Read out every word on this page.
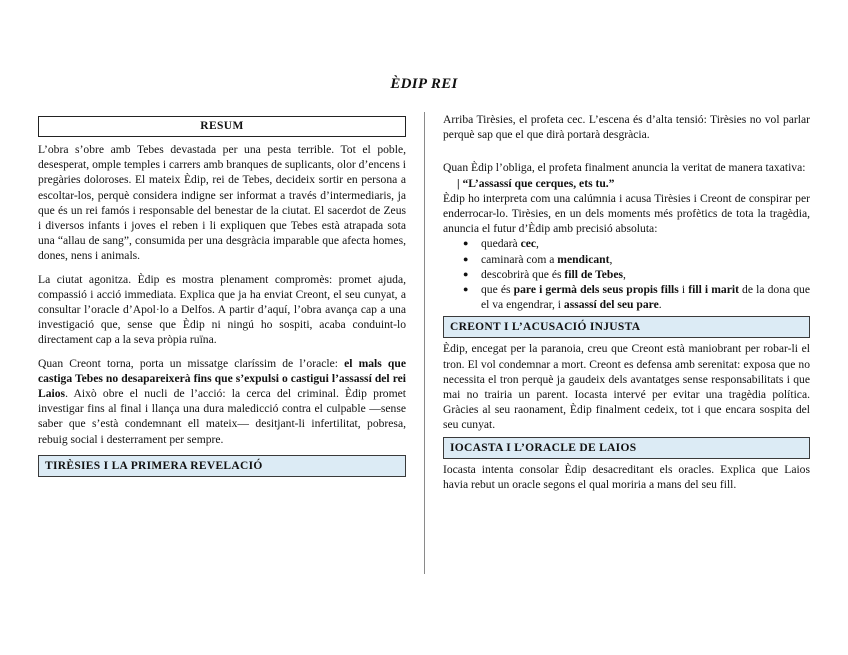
ÈDIP REI
RESUM

L’obra s’obre amb Tebes devastada per una pesta terrible. Tot el poble, desesperat, omple temples i carrers amb branques de suplicants, olor d’encens i pregàries doloroses. El mateix Èdip, rei de Tebes, decideix sortir en persona a escoltar-los, perquè considera indigne ser informat a través d’intermediaris, ja que és un rei famós i responsable del benestar de la ciutat. El sacerdot de Zeus i diversos infants i joves el reben i li expliquen que Tebes està atrapada sota una “allau de sang”, consumida per una desgràcia imparable que afecta homes, dones, nens i animals.

La ciutat agonitza. Èdip es mostra plenament compromès: promet ajuda, compassió i acció immediata. Explica que ja ha enviat Creont, el seu cunyat, a consultar l’oracle d’Apol·lo a Delfos. A partir d’aquí, l’obra avança cap a una investigació que, sense que Èdip ni ningú ho sospiti, acaba conduint-lo directament cap a la seva pròpia ruïna.

Quan Creont torna, porta un missatge claríssim de l’oracle: el mals que castiga Tebes no desapareixerà fins que s’expulsi o castigui l’assassí del rei Laios. Això obre el nucli de l’acció: la cerca del criminal. Èdip promet investigar fins al final i llança una dura maledicció contra el culpable —sense saber que s’està condemnant ell mateix— desitjant-li infertilitat, pobresa, rebuig social i desterrament per sempre.

TIRÈSIES I LA PRIMERA REVELACIÓ

Arriba Tirèsies, el profeta cec. L’escena és d’alta tensió: Tirèsies no vol parlar perquè sap que el que dirà portarà desgràcia.

Quan Èdip l’obliga, el profeta finalment anuncia la veritat de manera taxativa:

| “L’assassí que cerques, ets tu.”

Èdip ho interpreta com una calúmnia i acusa Tirèsies i Creont de conspirar per enderrocar-lo. Tirèsies, en un dels moments més profètics de tota la tragèdia, anuncia el futur d’Èdip amb precisió absoluta:

● quedarà cec,
● caminarà com a mendicant,
● descobrirà que és fill de Tebes,
● que és pare i germà dels seus propis fills i fill i marit de la dona que el va engendrar, i assassí del seu pare.
CREONT I L’ACUSACIÓ INJUSTA

Èdip, encegat per la paranoia, creu que Creont està maniobrant per robar-li el tron. El vol condemnar a mort. Creont es defensa amb serenitat: exposa que no necessita el tron perquè ja gaudeix dels avantatges sense responsabilitats i que mai no trairia un parent. Iocasta intervé per evitar una tragèdia política. Gràcies al seu raonament, Èdip finalment cedeix, tot i que encara sospita del seu cunyat.

IOCASTA I L’ORACLE DE LAIOS

Iocasta intenta consolar Èdip desacreditant els oracles. Explica que Laios havia rebut un oracle segons el qual moriria a mans del seu fill.
